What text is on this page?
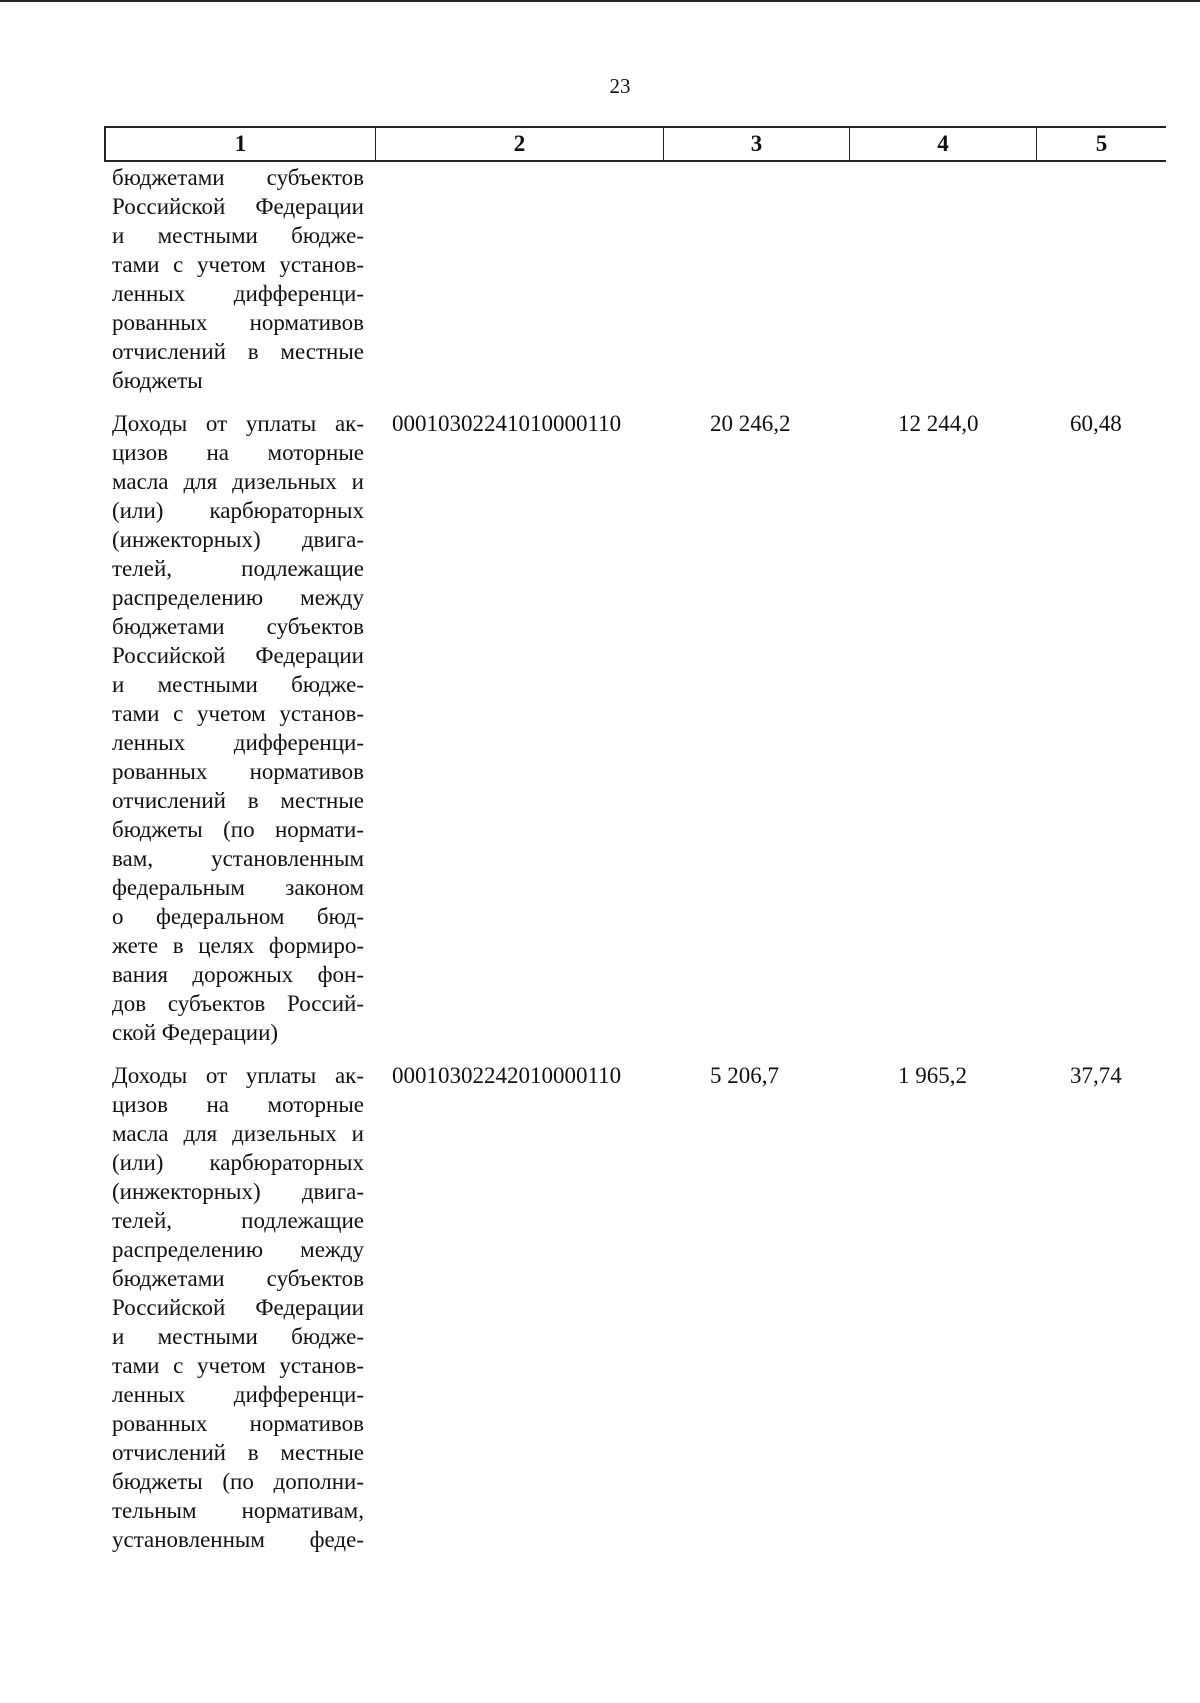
23
1	2	3	4	5
бюджетами субъектов
Российской Федерации
и местными бюдже-
тами с учетом установ-
ленных дифференци-
рованных нормативов
отчислений в местные
бюджеты
Доходы от уплаты ак-
цизов на моторные
масла для дизельных и
(или) карбюраторных
(инжекторных) двига-
телей, подлежащие
распределению между
бюджетами субъектов
Российской Федерации
и местными бюдже-
тами с учетом установ-
ленных дифференци-
рованных нормативов
отчислений в местные
бюджеты (по нормати-
вам, установленным
федеральным законом
о федеральном бюд-
жете в целях формиро-
вания дорожных фон-
дов субъектов Россий-
ской Федерации)
00010302241010000110	20 246,2	12 244,0	60,48
Доходы от уплаты ак-
цизов на моторные
масла для дизельных и
(или) карбюраторных
(инжекторных) двига-
телей, подлежащие
распределению между
бюджетами субъектов
Российской Федерации
и местными бюдже-
тами с учетом установ-
ленных дифференци-
рованных нормативов
отчислений в местные
бюджеты (по дополни-
тельным нормативам,
установленным феде-
00010302242010000110	5 206,7	1 965,2	37,74
